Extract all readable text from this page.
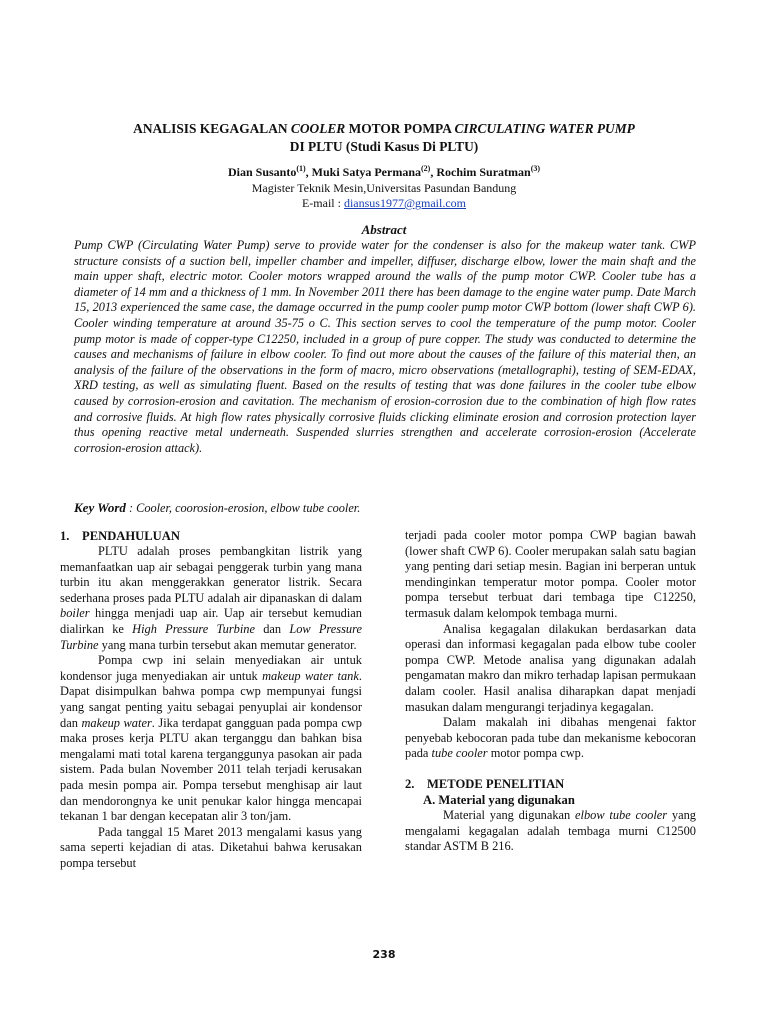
ANALISIS KEGAGALAN COOLER MOTOR POMPA CIRCULATING WATER PUMP
DI PLTU (Studi Kasus Di PLTU)
Dian Susanto$^{(1)}$, Muki Satya Permana$^{(2)}$, Rochim Suratman$^{(3)}$
Magister Teknik Mesin,Universitas Pasundan Bandung
E-mail : diansus1977@gmail.com
Abstract
Pump CWP (Circulating Water Pump) serve to provide water for the condenser is also for the makeup water tank. CWP structure consists of a suction bell, impeller chamber and impeller, diffuser, discharge elbow, lower the main shaft and the main upper shaft, electric motor. Cooler motors wrapped around the walls of the pump motor CWP. Cooler tube has a diameter of 14 mm and a thickness of 1 mm. In November 2011 there has been damage to the engine water pump. Date March 15, 2013 experienced the same case, the damage occurred in the pump cooler pump motor CWP bottom (lower shaft CWP 6). Cooler winding temperature at around 35-75 o C. This section serves to cool the temperature of the pump motor. Cooler pump motor is made of copper-type C12250, included in a group of pure copper. The study was conducted to determine the causes and mechanisms of failure in elbow cooler. To find out more about the causes of the failure of this material then, an analysis of the failure of the observations in the form of macro, micro observations (metallographi), testing of SEM-EDAX, XRD testing, as well as simulating fluent. Based on the results of testing that was done failures in the cooler tube elbow caused by corrosion-erosion and cavitation. The mechanism of erosion-corrosion due to the combination of high flow rates and corrosive fluids. At high flow rates physically corrosive fluids clicking eliminate erosion and corrosion protection layer thus opening reactive metal underneath. Suspended slurries strengthen and accelerate corrosion-erosion (Accelerate corrosion-erosion attack).
Key Word : Cooler, coorosion-erosion, elbow tube cooler.
1. PENDAHULUAN

PLTU adalah proses pembangkitan listrik yang memanfaatkan uap air sebagai penggerak turbin yang mana turbin itu akan menggerakkan generator listrik. Secara sederhana proses pada PLTU adalah air dipanaskan di dalam boiler hingga menjadi uap air. Uap air tersebut kemudian dialirkan ke High Pressure Turbine dan Low Pressure Turbine yang mana turbin tersebut akan memutar generator.

Pompa cwp ini selain menyediakan air untuk kondensor juga menyediakan air untuk makeup water tank. Dapat disimpulkan bahwa pompa cwp mempunyai fungsi yang sangat penting yaitu sebagai penyuplai air kondensor dan makeup water. Jika terdapat gangguan pada pompa cwp maka proses kerja PLTU akan terganggu dan bahkan bisa mengalami mati total karena terganggunya pasokan air pada sistem. Pada bulan November 2011 telah terjadi kerusakan pada mesin pompa air. Pompa tersebut menghisap air laut dan mendorongnya ke unit penukar kalor hingga mencapai tekanan 1 bar dengan kecepatan alir 3 ton/jam.

Pada tanggal 15 Maret 2013 mengalami kasus yang sama seperti kejadian di atas. Diketahui bahwa kerusakan pompa tersebut

terjadi pada cooler motor pompa CWP bagian bawah (lower shaft CWP 6). Cooler merupakan salah satu bagian yang penting dari setiap mesin. Bagian ini berperan untuk mendinginkan temperatur motor pompa. Cooler motor pompa tersebut terbuat dari tembaga tipe C12250, termasuk dalam kelompok tembaga murni.

Analisa kegagalan dilakukan berdasarkan data operasi dan informasi kegagalan pada elbow tube cooler pompa CWP. Metode analisa yang digunakan adalah pengamatan makro dan mikro terhadap lapisan permukaan dalam cooler. Hasil analisa diharapkan dapat menjadi masukan dalam mengurangi terjadinya kegagalan.

Dalam makalah ini dibahas mengenai faktor penyebab kebocoran pada tube dan mekanisme kebocoran pada tube cooler motor pompa cwp.

2. METODE PENELITIAN
A. Material yang digunakan

Material yang digunakan elbow tube cooler yang mengalami kegagalan adalah tembaga murni C12500 standar ASTM B 216.

238
